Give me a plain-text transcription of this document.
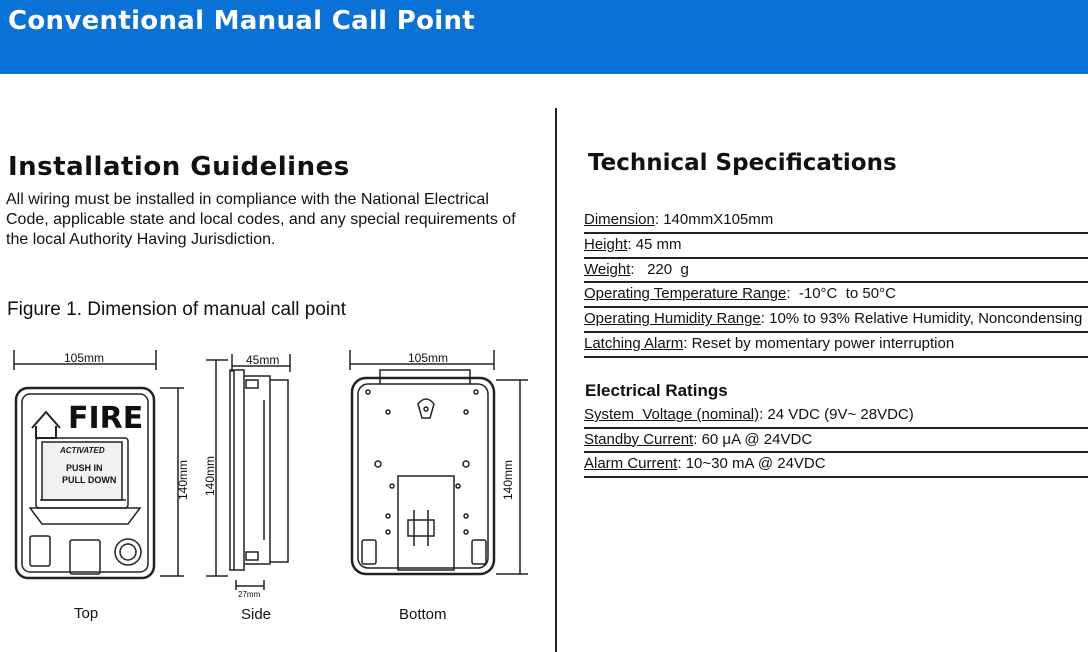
Conventional Manual Call Point
Installation Guidelines
All wiring must be installed in compliance with the National Electrical Code, applicable state and local codes, and any special requirements of the local Authority Having Jurisdiction.
Figure 1. Dimension of manual call point
105mm
140mm
FIRE
ACTIVATED
PUSH IN
PULL DOWN
45mm
140mm
27mm
105mm
140mm
Top	Side	Bottom
Technical Specifications
Dimension: 140mmX105mm
Height: 45 mm
Weight:   220  g
Operating Temperature Range:  -10°C  to 50°C
Operating Humidity Range: 10% to 93% Relative Humidity, Noncondensing
Latching Alarm: Reset by momentary power interruption
Electrical Ratings
System  Voltage (nominal): 24 VDC (9V~ 28VDC)
Standby Current: 60 μA @ 24VDC
Alarm Current: 10~30 mA @ 24VDC
